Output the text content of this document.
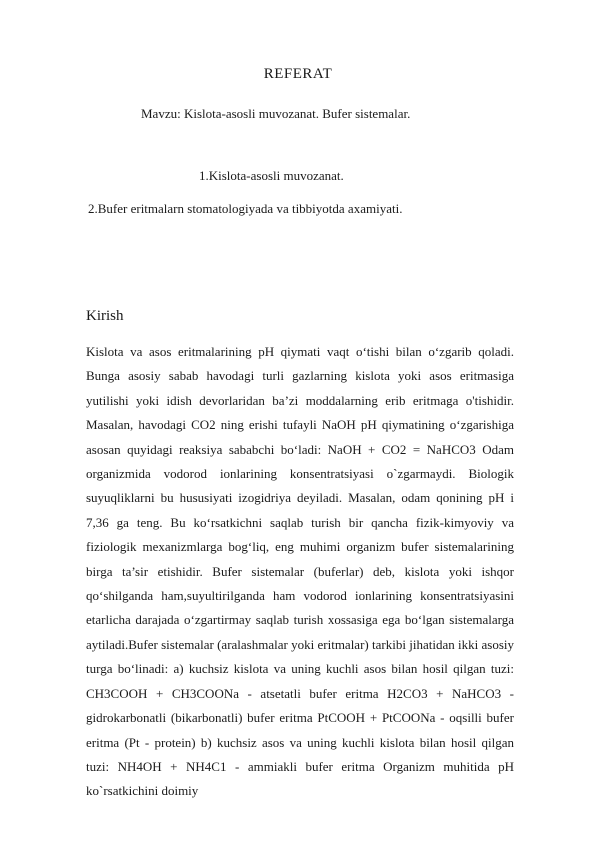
REFERAT

Mavzu: Kislota-asosli muvozanat. Bufer sistemalar.

1.Kislota-asosli muvozanat.

2.Bufer eritmalarn stomatologiyada va tibbiyotda axamiyati.

Kirish

Kislota va asos eritmalarining pH qiymati vaqt o‘tishi bilan o‘zgarib qoladi. Bunga asosiy sabab havodagi turli gazlarning kislota yoki asos eritmasiga yutilishi yoki idish devorlaridan ba’zi moddalarning erib eritmaga o'tishidir. Masalan, havodagi CO2 ning erishi tufayli NaOH pH qiymatining o‘zgarishiga asosan quyidagi reaksiya sababchi bo‘ladi: NaOH + CO2 = NaHCO3 Odam organizmida vodorod ionlarining konsentratsiyasi o`zgarmaydi. Biologik suyuqliklarni bu hususiyati izogidriya deyiladi. Masalan, odam qonining pH i 7,36 ga teng. Bu ko‘rsatkichni saqlab turish bir qancha fizik-kimyoviy va fiziologik mexanizmlarga bog‘liq, eng muhimi organizm bufer sistemalarining birga ta’sir etishidir. Bufer sistemalar (buferlar) deb, kislota yoki ishqor qo‘shilganda ham,suyultirilganda ham vodorod ionlarining konsentratsiyasini etarlicha darajada o‘zgartirmay saqlab turish xossasiga ega bo‘lgan sistemalarga aytiladi.Bufer sistemalar (aralashmalar yoki eritmalar) tarkibi jihatidan ikki asosiy turga bo‘linadi: a) kuchsiz kislota va uning kuchli asos bilan hosil qilgan tuzi: CH3COOH + CH3COONa - atsetatli bufer eritma H2CO3 + NaHCO3 - gidrokarbonatli (bikarbonatli) bufer eritma PtCOOH + PtCOONa - oqsilli bufer eritma (Pt - protein) b) kuchsiz asos va uning kuchli kislota bilan hosil qilgan tuzi: NH4OH + NH4C1 - ammiakli bufer eritma Organizm muhitida pH ko`rsatkichini doimiy
